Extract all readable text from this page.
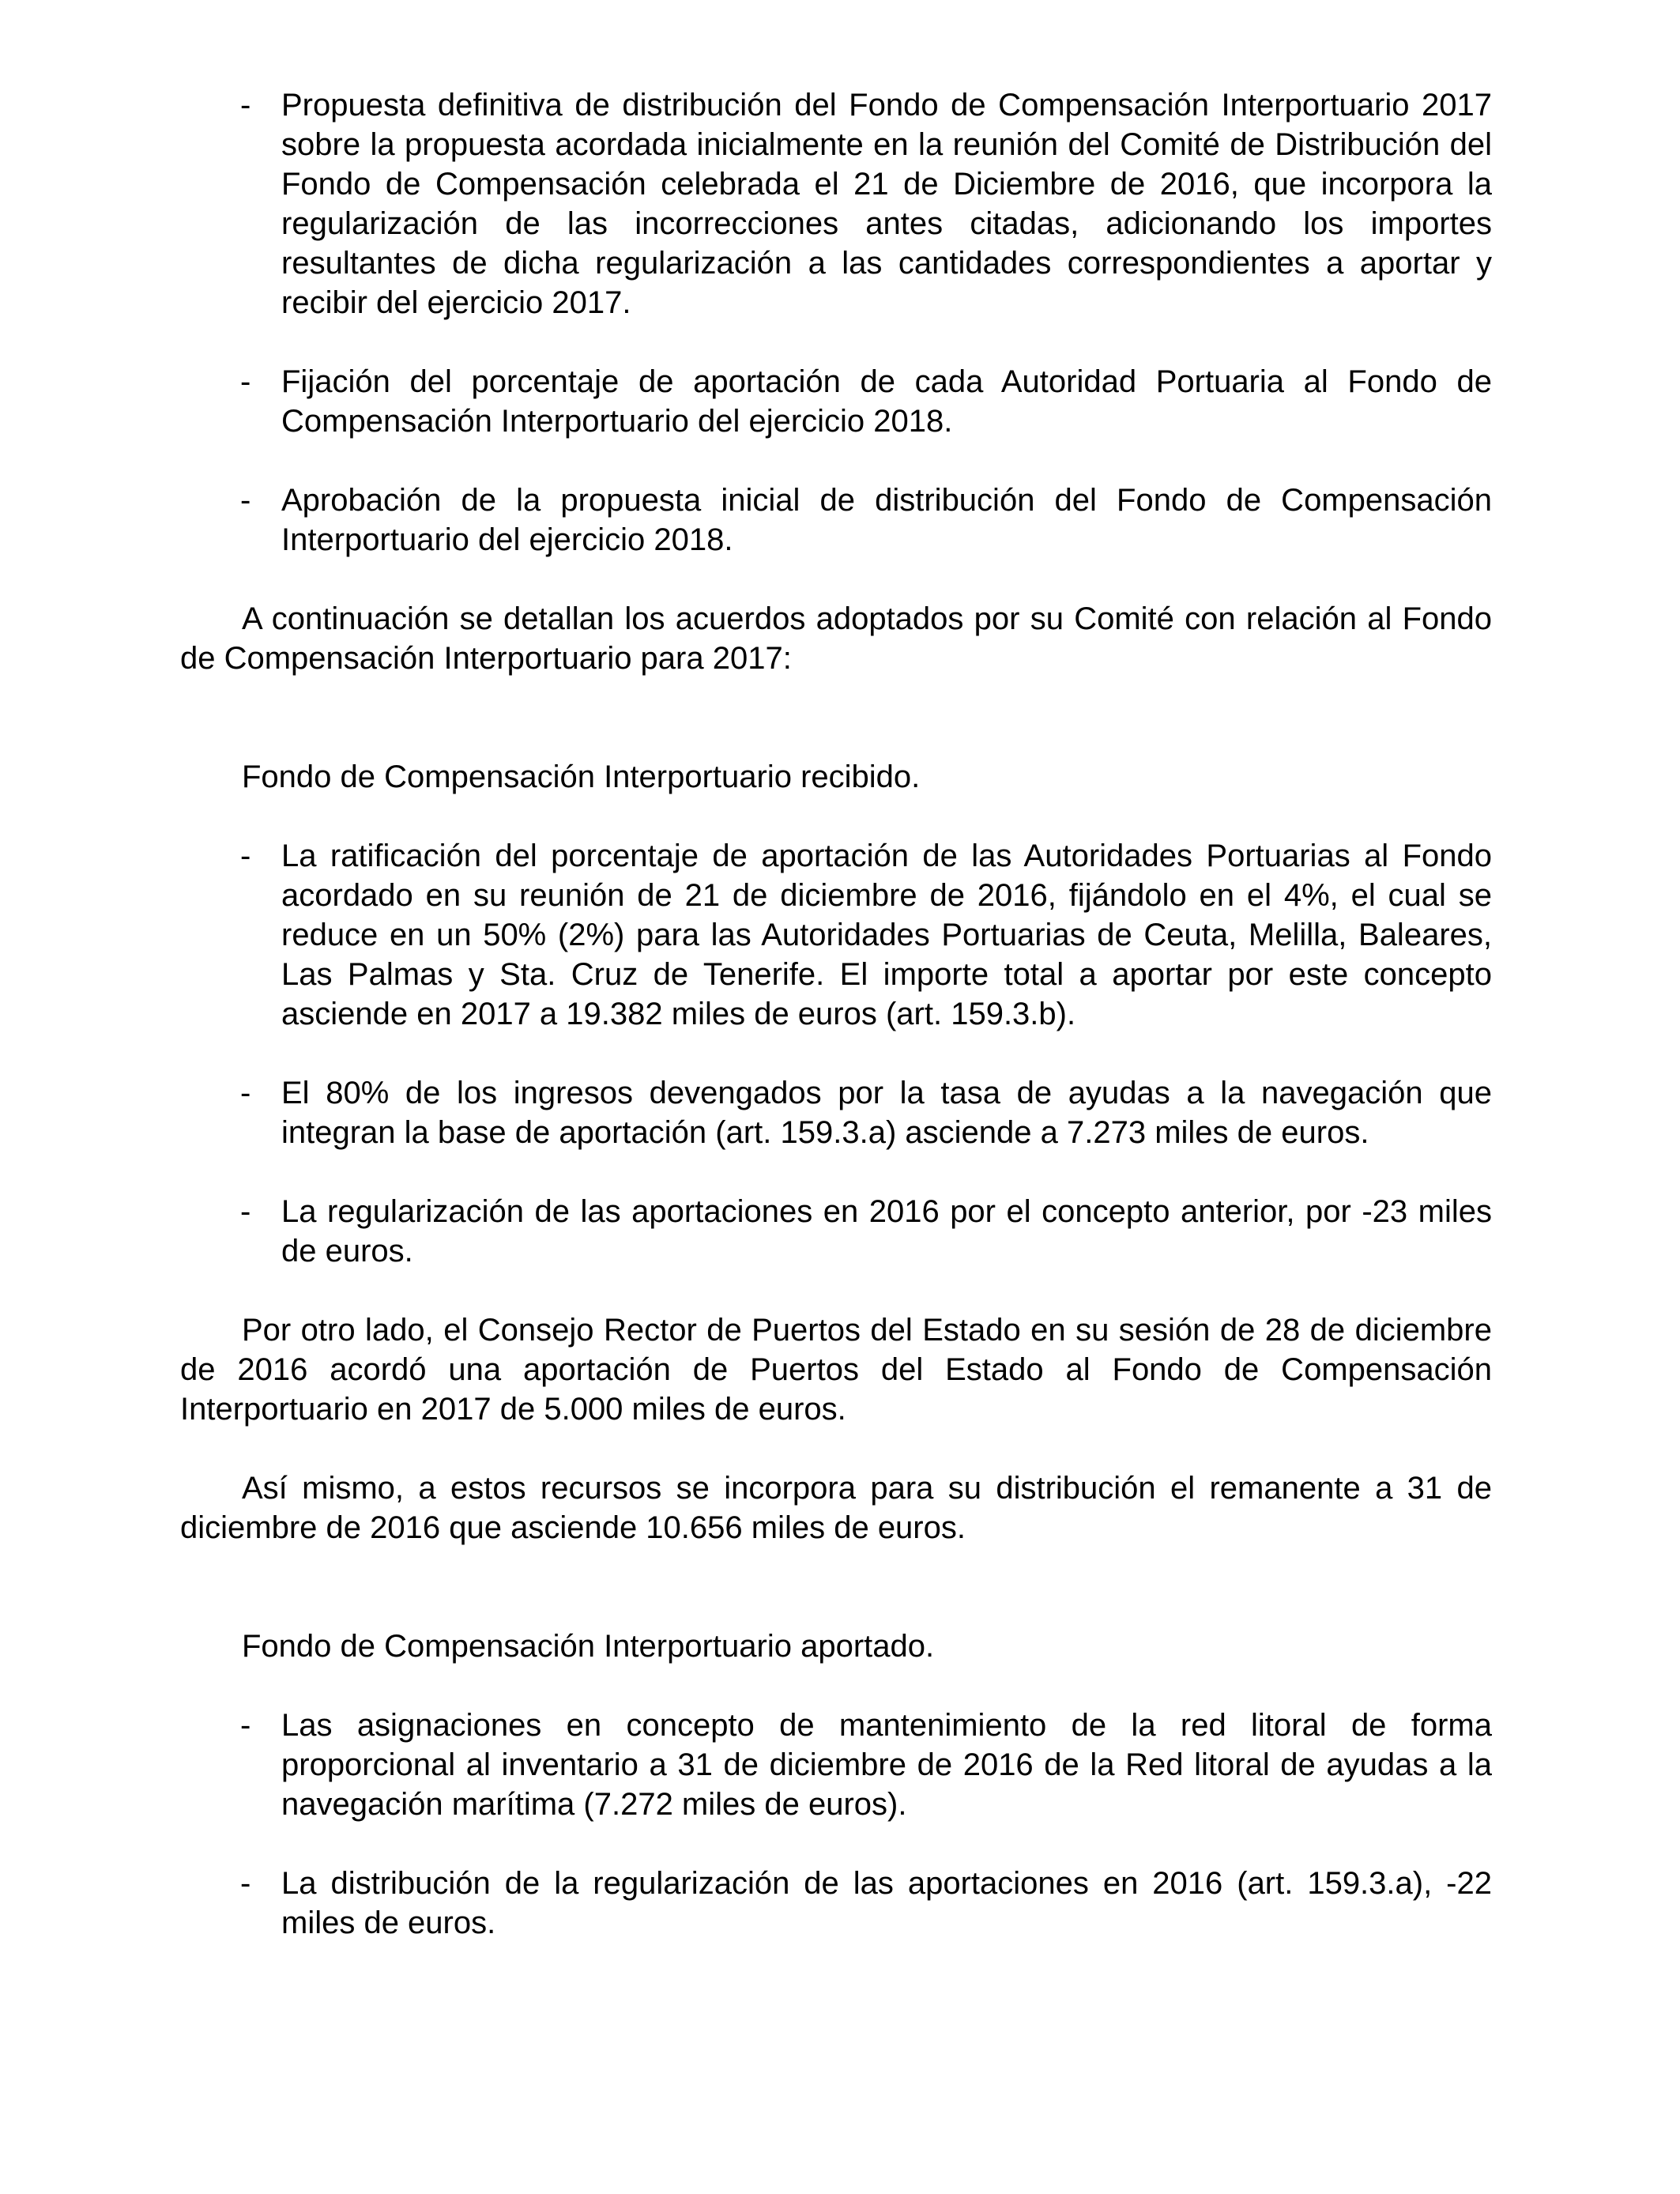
- Propuesta definitiva de distribución del Fondo de Compensación Interportuario 2017 sobre la propuesta acordada inicialmente en la reunión del Comité de Distribución del Fondo de Compensación celebrada el 21 de Diciembre de 2016, que incorpora la regularización de las incorrecciones antes citadas, adicionando los importes resultantes de dicha regularización a las cantidades correspondientes a aportar y recibir del ejercicio 2017.

- Fijación del porcentaje de aportación de cada Autoridad Portuaria al Fondo de Compensación Interportuario del ejercicio 2018.

- Aprobación de la propuesta inicial de distribución del Fondo de Compensación Interportuario del ejercicio 2018.

A continuación se detallan los acuerdos adoptados por su Comité con relación al Fondo de Compensación Interportuario para 2017:

Fondo de Compensación Interportuario recibido.

- La ratificación del porcentaje de aportación de las Autoridades Portuarias al Fondo acordado en su reunión de 21 de diciembre de 2016, fijándolo en el 4%, el cual se reduce en un 50% (2%) para las Autoridades Portuarias de Ceuta, Melilla, Baleares, Las Palmas y Sta. Cruz de Tenerife. El importe total a aportar por este concepto asciende en 2017 a 19.382 miles de euros (art. 159.3.b).

- El 80% de los ingresos devengados por la tasa de ayudas a la navegación que integran la base de aportación (art. 159.3.a) asciende a 7.273 miles de euros.

- La regularización de las aportaciones en 2016 por el concepto anterior, por -23 miles de euros.

Por otro lado, el Consejo Rector de Puertos del Estado en su sesión de 28 de diciembre de 2016 acordó una aportación de Puertos del Estado al Fondo de Compensación Interportuario en 2017 de 5.000 miles de euros.

Así mismo, a estos recursos se incorpora para su distribución el remanente a 31 de diciembre de 2016 que asciende 10.656 miles de euros.

Fondo de Compensación Interportuario aportado.

- Las asignaciones en concepto de mantenimiento de la red litoral de forma proporcional al inventario a 31 de diciembre de 2016 de la Red litoral de ayudas a la navegación marítima (7.272 miles de euros).

- La distribución de la regularización de las aportaciones en 2016 (art. 159.3.a), -22 miles de euros.
